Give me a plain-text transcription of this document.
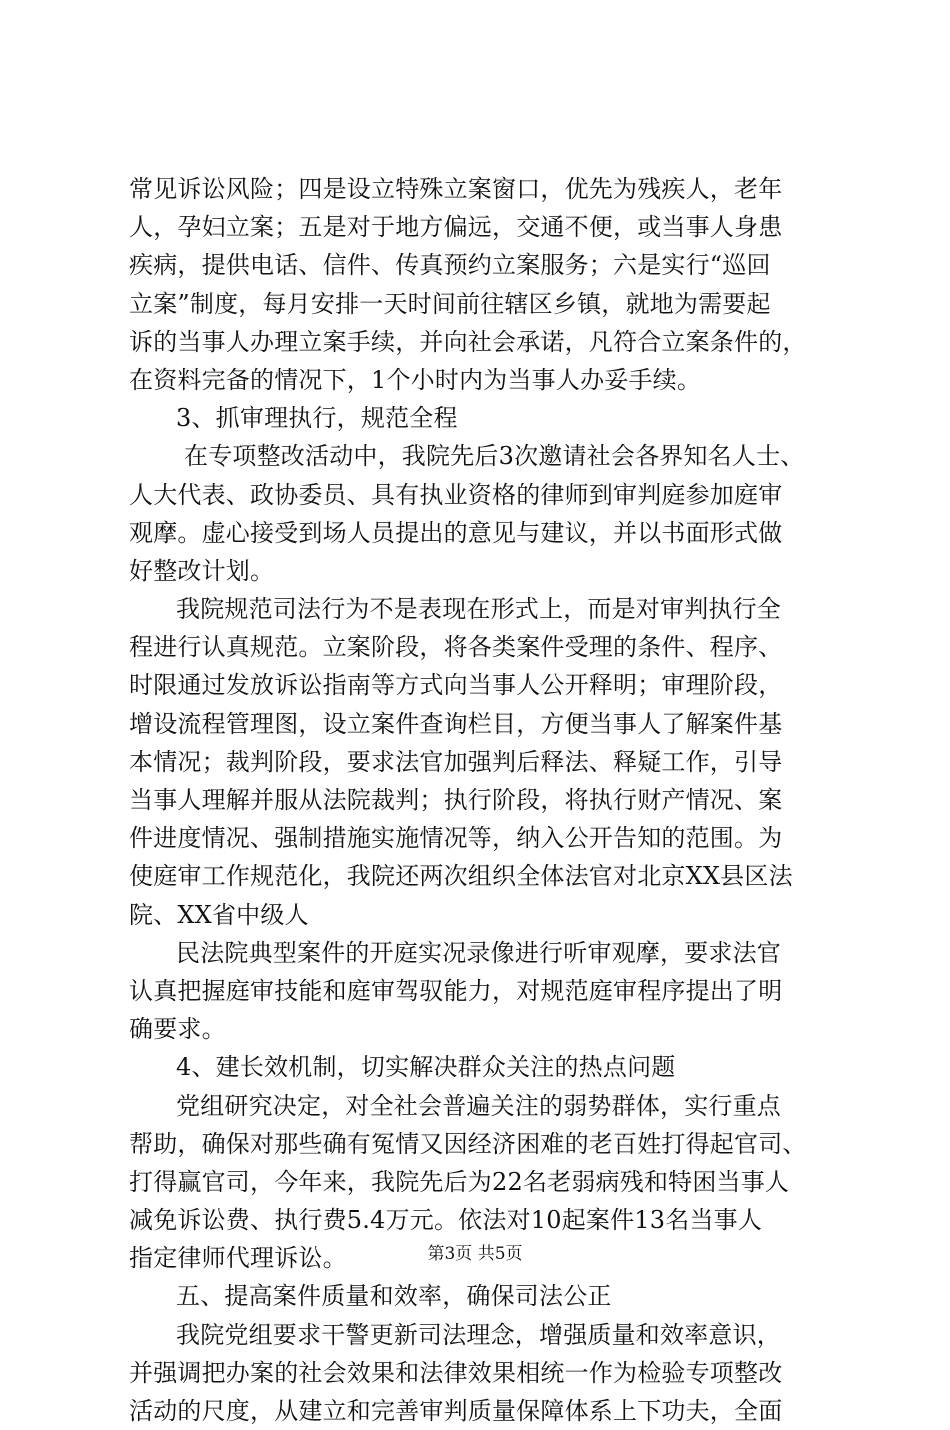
常见诉讼风险；四是设立特殊立案窗口，优先为残疾人，老年
人，孕妇立案；五是对于地方偏远，交通不便，或当事人身患
疾病，提供电话、信件、传真预约立案服务；六是实行“巡回
立案”制度，每月安排一天时间前往辖区乡镇，就地为需要起
诉的当事人办理立案手续，并向社会承诺，凡符合立案条件的，
在资料完备的情况下，1个小时内为当事人办妥手续。
3、抓审理执行，规范全程
在专项整改活动中，我院先后3次邀请社会各界知名人士、
人大代表、政协委员、具有执业资格的律师到审判庭参加庭审
观摩。虚心接受到场人员提出的意见与建议，并以书面形式做
好整改计划。
我院规范司法行为不是表现在形式上，而是对审判执行全
程进行认真规范。立案阶段，将各类案件受理的条件、程序、
时限通过发放诉讼指南等方式向当事人公开释明；审理阶段，
增设流程管理图，设立案件查询栏目，方便当事人了解案件基
本情况；裁判阶段，要求法官加强判后释法、释疑工作，引导
当事人理解并服从法院裁判；执行阶段，将执行财产情况、案
件进度情况、强制措施实施情况等，纳入公开告知的范围。为
使庭审工作规范化，我院还两次组织全体法官对北京XX县区法
院、XX省中级人
民法院典型案件的开庭实况录像进行听审观摩，要求法官
认真把握庭审技能和庭审驾驭能力，对规范庭审程序提出了明
确要求。
4、建长效机制，切实解决群众关注的热点问题
党组研究决定，对全社会普遍关注的弱势群体，实行重点
帮助，确保对那些确有冤情又因经济困难的老百姓打得起官司、
打得赢官司，今年来，我院先后为22名老弱病残和特困当事人
减免诉讼费、执行费5.4万元。依法对10起案件13名当事人
指定律师代理诉讼。
五、提高案件质量和效率，确保司法公正
我院党组要求干警更新司法理念，增强质量和效率意识，
并强调把办案的社会效果和法律效果相统一作为检验专项整改
活动的尺度，从建立和完善审判质量保障体系上下功夫，全面
第3页 共5页
